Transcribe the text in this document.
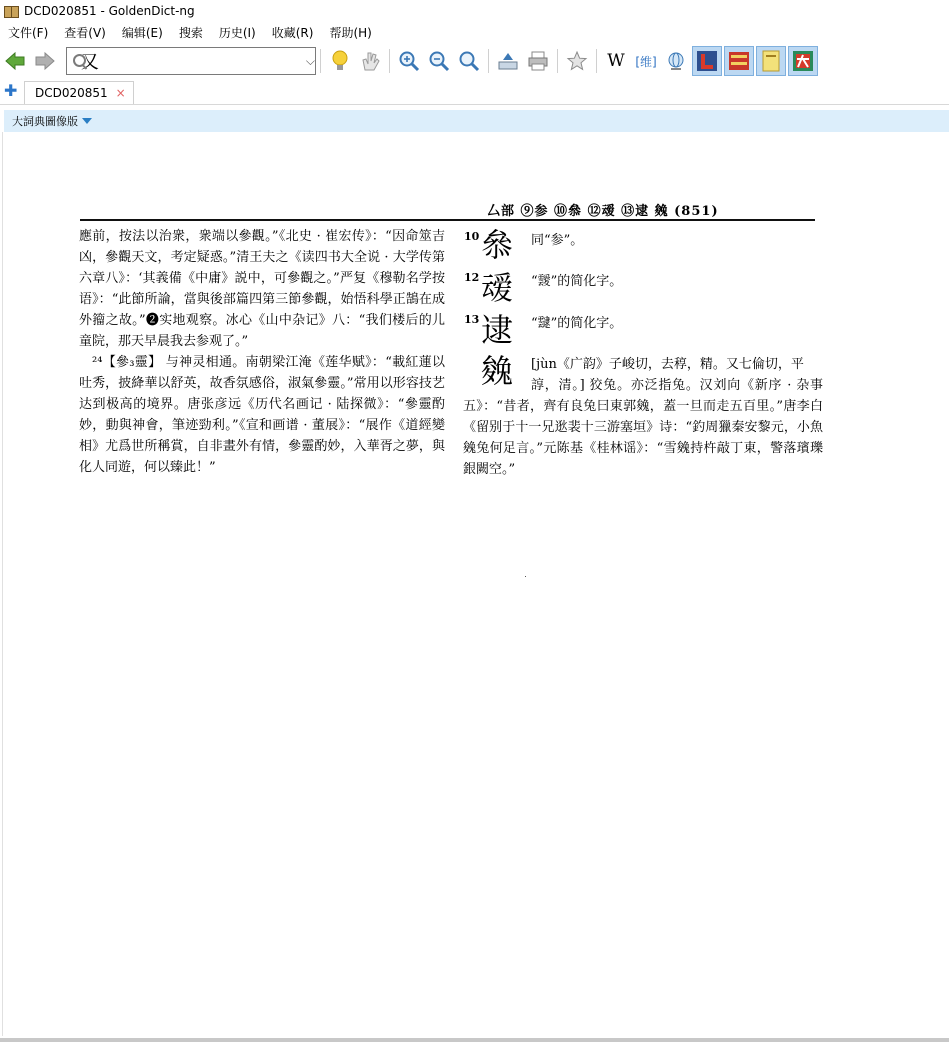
DCD020851 - GoldenDict-ng
文件(F)	查看(V)	编辑(E)	搜索	历史(I)	收藏(R)	帮助(H)
又
⌵	W [维]
✚ DCD020851 ×
大詞典圖像版
厶部 ⑨参 ⑩叅 ⑫叆 ⑬逮 㕙 (851)

應前，按法以治衆，衆端以參觀。”《北史 · 崔宏传》：“因命筮吉凶，參觀天文，考定疑惑。”清王夫之《读四书大全说 · 大学传第六章八》：‘其義備《中庸》説中，可參觀之。”严复《穆勒名学按语》：“此節所論，當與後部篇四第三節參觀，始悟科學正鵠在成外籀之故。”❷实地观察。冰心《山中杂记》八：“我们楼后的儿童院，那天早晨我去参观了。”

²⁴【參₃靈】 与神灵相通。南朝梁江淹《莲华赋》：“載紅蓮以吐秀，披絳華以舒英，故香氛感俗，淑氣參靈。”常用以形容技艺达到极高的境界。唐张彦远《历代名画记 · 陆探微》：“參靈酌妙，動與神會，筆迹勁利。”《宣和画谱 · 董展》：“展作《道經變相》尤爲世所稱賞，自非畫外有情，參靈酌妙，入華胥之夢，與化人同遊，何以臻此！”

10 叅 同“参”。
12 叆 “靉”的简化字。
13 逮 “靆”的简化字。
㕙 [jùn《广韵》子峻切，去稕，精。又七倫切，平

諄，清。] 狡兔。亦泛指兔。汉刘向《新序 · 杂事五》：“昔者，齊有良兔曰東郭㕙，蓋一旦而走五百里。”唐李白《留别于十一兄逖裴十三游塞垣》诗：“釣周獵秦安黎元，小魚㕙兔何足言。”元陈基《桂林谣》：“雪㕙持杵敲丁東，警落璸瓅銀闕空。”
